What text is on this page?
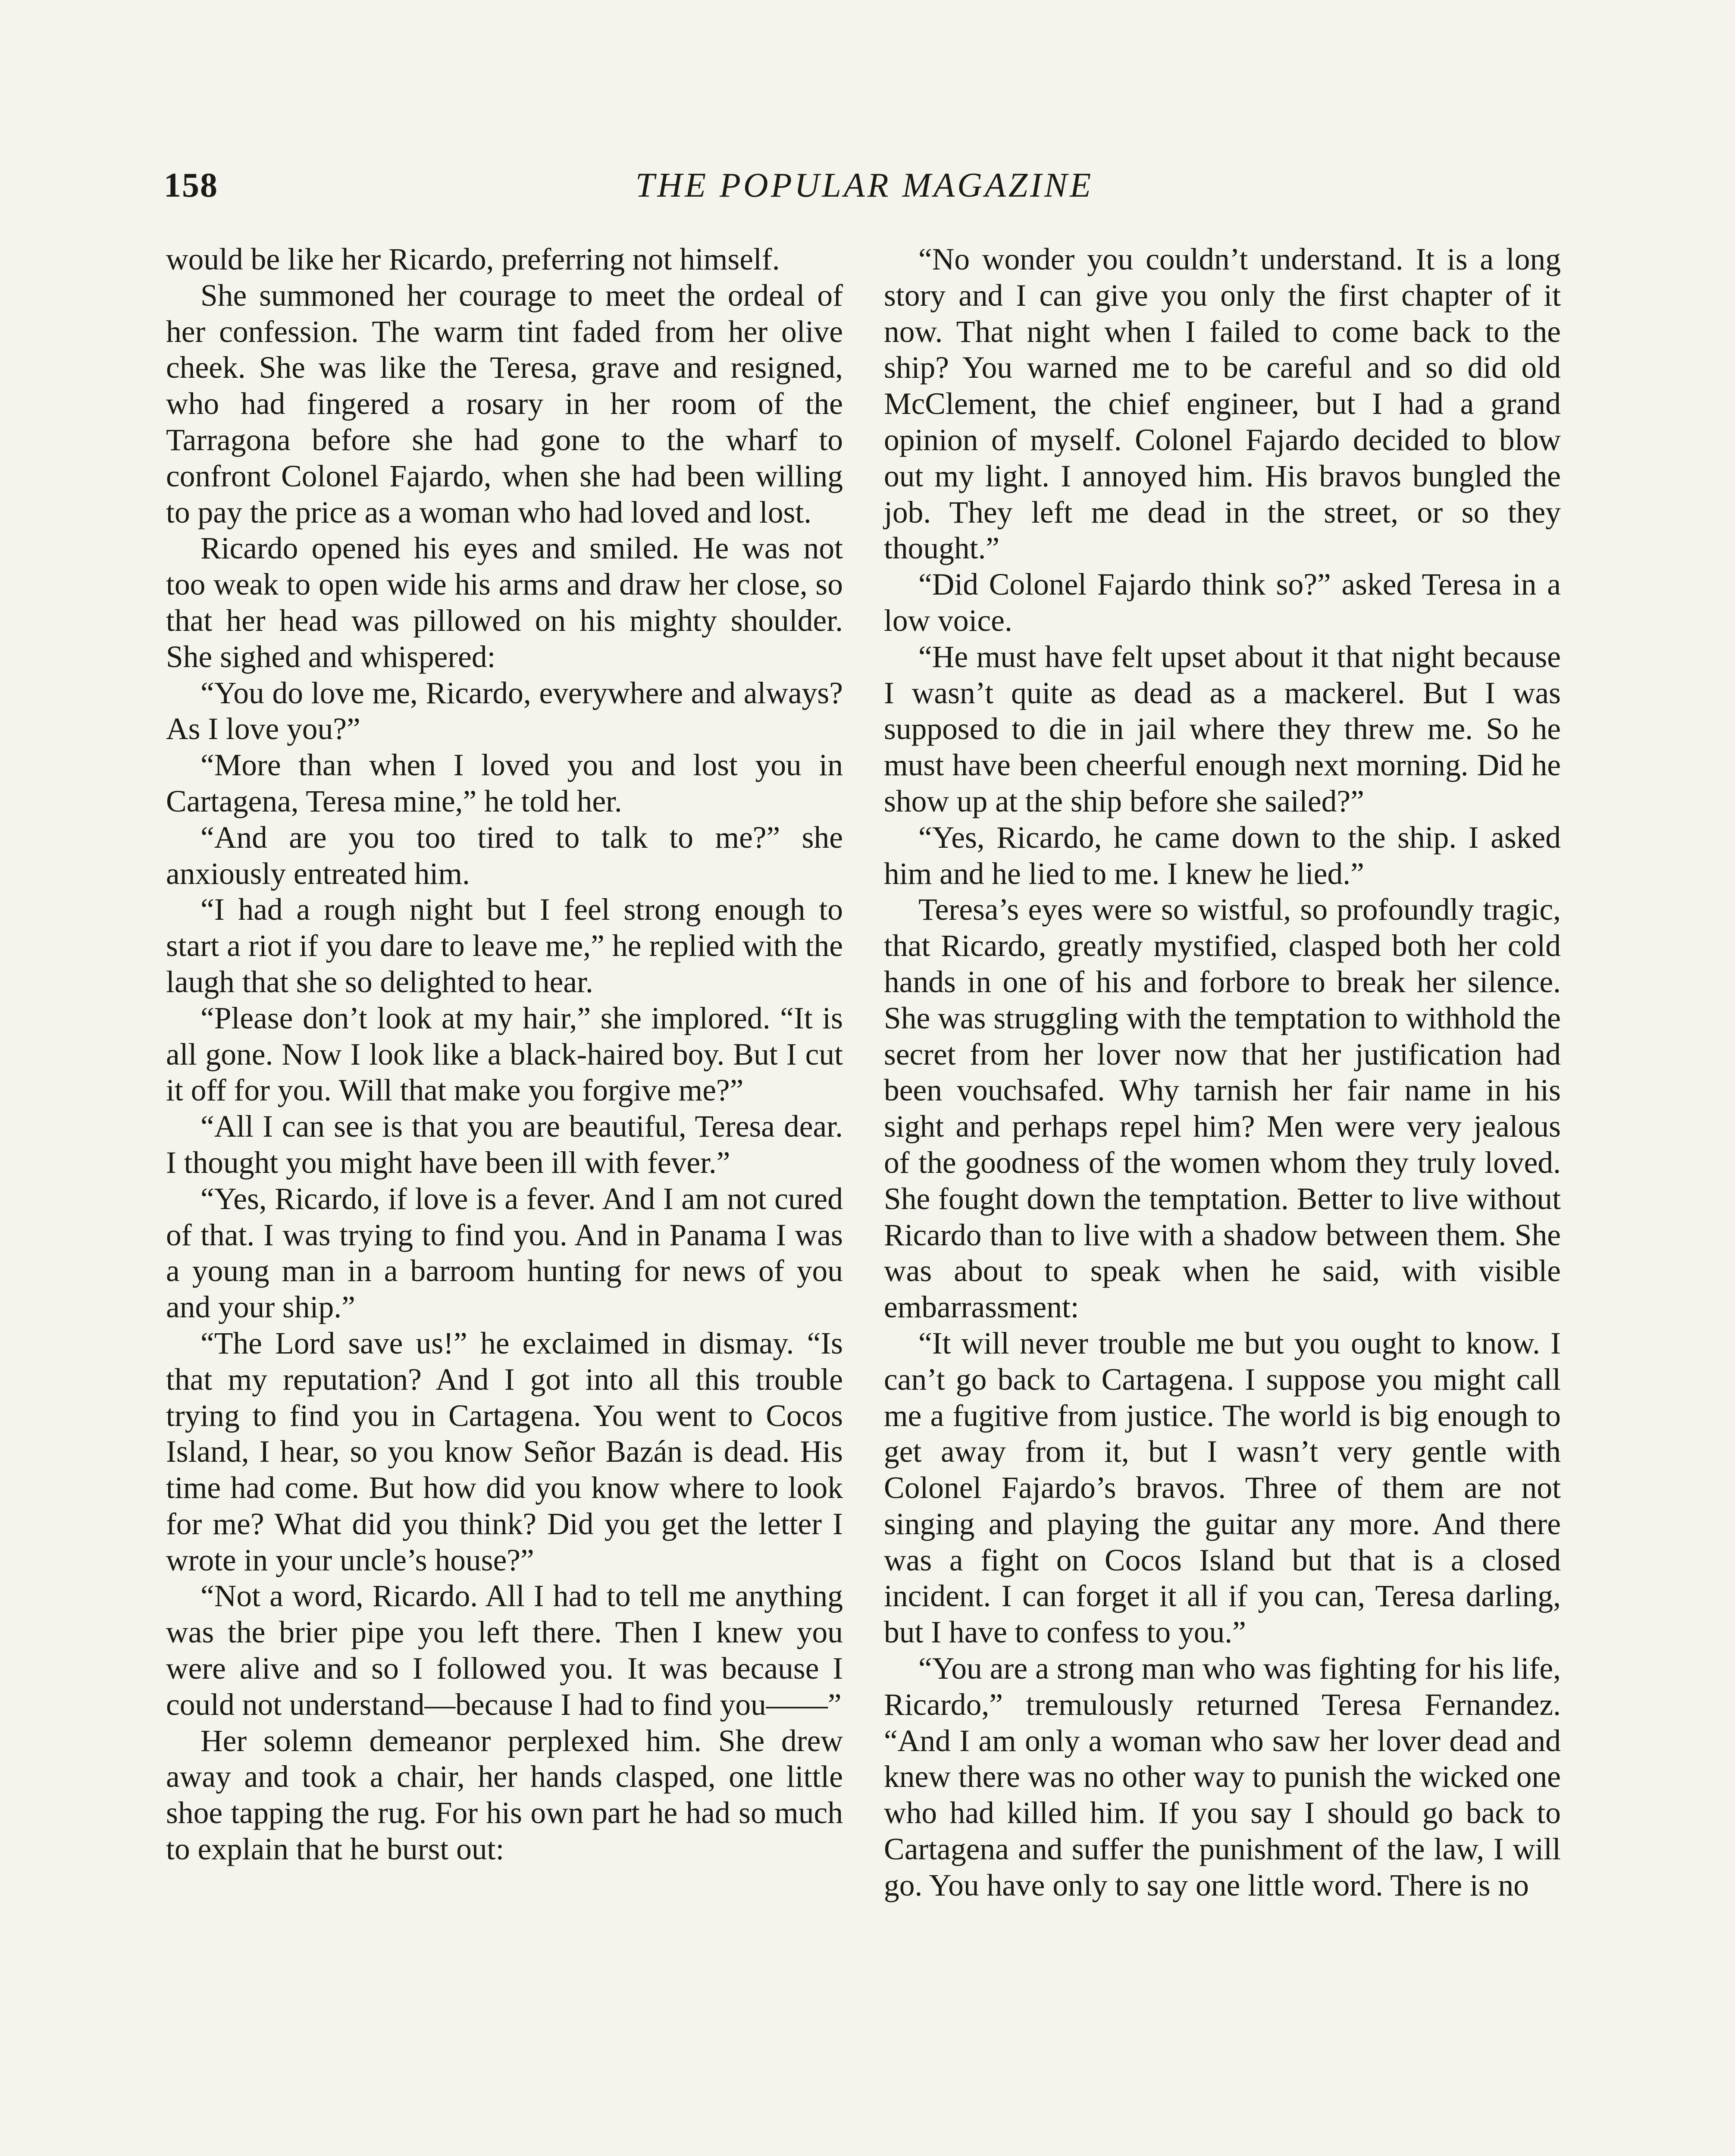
158	THE POPULAR MAGAZINE

would be like her Ricardo, preferring not himself.

She summoned her courage to meet the ordeal of her confession. The warm tint faded from her olive cheek. She was like the Teresa, grave and resigned, who had fingered a rosary in her room of the Tarragona before she had gone to the wharf to confront Colonel Fajardo, when she had been willing to pay the price as a woman who had loved and lost.

Ricardo opened his eyes and smiled. He was not too weak to open wide his arms and draw her close, so that her head was pillowed on his mighty shoulder. She sighed and whispered:

“You do love me, Ricardo, everywhere and always? As I love you?”

“More than when I loved you and lost you in Cartagena, Teresa mine,” he told her.

“And are you too tired to talk to me?” she anxiously entreated him.

“I had a rough night but I feel strong enough to start a riot if you dare to leave me,” he replied with the laugh that she so delighted to hear.

“Please don’t look at my hair,” she implored. “It is all gone. Now I look like a black-haired boy. But I cut it off for you. Will that make you forgive me?”

“All I can see is that you are beautiful, Teresa dear. I thought you might have been ill with fever.”

“Yes, Ricardo, if love is a fever. And I am not cured of that. I was trying to find you. And in Panama I was a young man in a barroom hunting for news of you and your ship.”

“The Lord save us!” he exclaimed in dismay. “Is that my reputation? And I got into all this trouble trying to find you in Cartagena. You went to Cocos Island, I hear, so you know Señor Bazán is dead. His time had come. But how did you know where to look for me? What did you think? Did you get the letter I wrote in your uncle’s house?”

“Not a word, Ricardo. All I had to tell me anything was the brier pipe you left there. Then I knew you were alive and so I followed you. It was because I could not understand—because I had to find you——”

Her solemn demeanor perplexed him. She drew away and took a chair, her hands clasped, one little shoe tapping the rug. For his own part he had so much to explain that he burst out:

“No wonder you couldn’t understand. It is a long story and I can give you only the first chapter of it now. That night when I failed to come back to the ship? You warned me to be careful and so did old McClement, the chief engineer, but I had a grand opinion of myself. Colonel Fajardo decided to blow out my light. I annoyed him. His bravos bungled the job. They left me dead in the street, or so they thought.”

“Did Colonel Fajardo think so?” asked Teresa in a low voice.

“He must have felt upset about it that night because I wasn’t quite as dead as a mackerel. But I was supposed to die in jail where they threw me. So he must have been cheerful enough next morning. Did he show up at the ship before she sailed?”

“Yes, Ricardo, he came down to the ship. I asked him and he lied to me. I knew he lied.”

Teresa’s eyes were so wistful, so profoundly tragic, that Ricardo, greatly mystified, clasped both her cold hands in one of his and forbore to break her silence. She was struggling with the temptation to withhold the secret from her lover now that her justification had been vouchsafed. Why tarnish her fair name in his sight and perhaps repel him? Men were very jealous of the goodness of the women whom they truly loved. She fought down the temptation. Better to live without Ricardo than to live with a shadow between them. She was about to speak when he said, with visible embarrassment:

“It will never trouble me but you ought to know. I can’t go back to Cartagena. I suppose you might call me a fugitive from justice. The world is big enough to get away from it, but I wasn’t very gentle with Colonel Fajardo’s bravos. Three of them are not singing and playing the guitar any more. And there was a fight on Cocos Island but that is a closed incident. I can forget it all if you can, Teresa darling, but I have to confess to you.”

“You are a strong man who was fighting for his life, Ricardo,” tremulously returned Teresa Fernandez. “And I am only a woman who saw her lover dead and knew there was no other way to punish the wicked one who had killed him. If you say I should go back to Cartagena and suffer the punishment of the law, I will go. You have only to say one little word. There is no
